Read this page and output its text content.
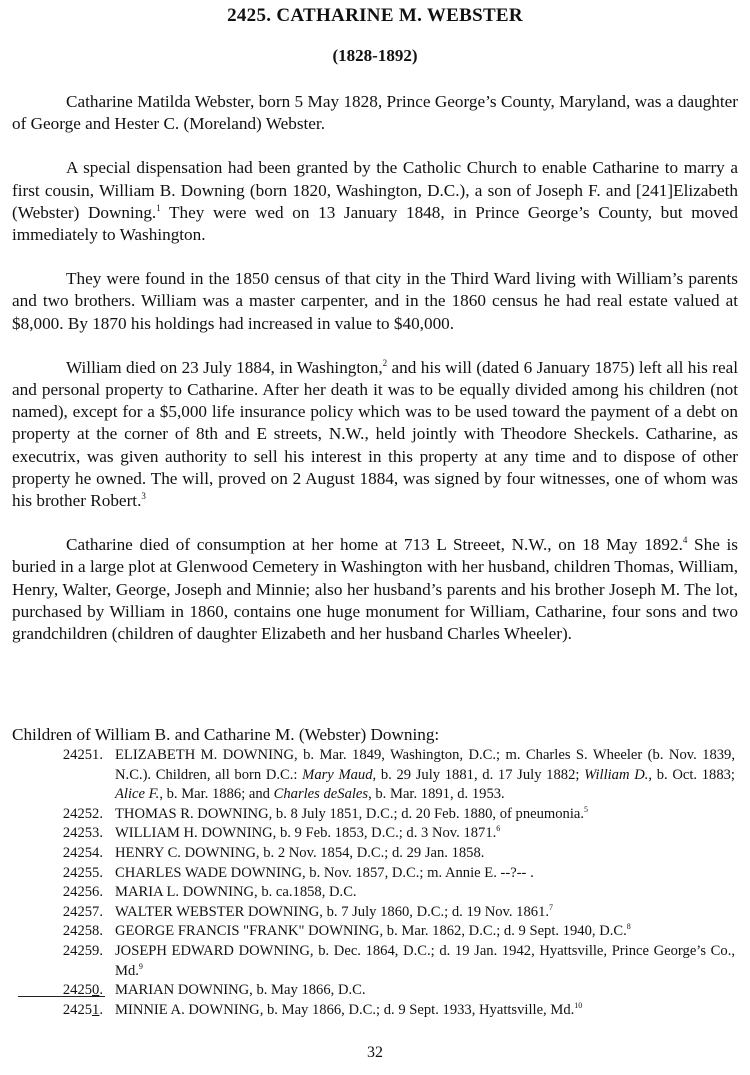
2425. CATHARINE M. WEBSTER
(1828-1892)

Catharine Matilda Webster, born 5 May 1828, Prince George’s County, Maryland, was a daughter of George and Hester C. (Moreland) Webster.

A special dispensation had been granted by the Catholic Church to enable Catharine to marry a first cousin, William B. Downing (born 1820, Washington, D.C.), a son of Joseph F. and [241]Elizabeth (Webster) Downing.$^1$ They were wed on 13 January 1848, in Prince George’s County, but moved immediately to Washington.

They were found in the 1850 census of that city in the Third Ward living with William’s parents and two brothers. William was a master carpenter, and in the 1860 census he had real estate valued at $8,000. By 1870 his holdings had increased in value to $40,000.

William died on 23 July 1884, in Washington,$^2$ and his will (dated 6 January 1875) left all his real and personal property to Catharine. After her death it was to be equally divided among his children (not named), except for a $5,000 life insurance policy which was to be used toward the payment of a debt on property at the corner of 8th and E streets, N.W., held jointly with Theodore Sheckels. Catharine, as executrix, was given authority to sell his interest in this property at any time and to dispose of other property he owned. The will, proved on 2 August 1884, was signed by four witnesses, one of whom was his brother Robert.$^3$

Catharine died of consumption at her home at 713 L Streeet, N.W., on 18 May 1892.$^4$ She is buried in a large plot at Glenwood Cemetery in Washington with her husband, children Thomas, William, Henry, Walter, George, Joseph and Minnie; also her husband’s parents and his brother Joseph M. The lot, purchased by William in 1860, contains one huge monument for William, Catharine, four sons and two grandchildren (children of daughter Elizabeth and her husband Charles Wheeler).

Children of William B. and Catharine M. (Webster) Downing:
24251. ELIZABETH M. DOWNING, b. Mar. 1849, Washington, D.C.; m. Charles S. Wheeler (b. Nov. 1839, N.C.). Children, all born D.C.: Mary Maud, b. 29 July 1881, d. 17 July 1882; William D., b. Oct. 1883; Alice F., b. Mar. 1886; and Charles deSales, b. Mar. 1891, d. 1953.
24252. THOMAS R. DOWNING, b. 8 July 1851, D.C.; d. 20 Feb. 1880, of pneumonia.$^5$
24253. WILLIAM H. DOWNING, b. 9 Feb. 1853, D.C.; d. 3 Nov. 1871.$^6$
24254. HENRY C. DOWNING, b. 2 Nov. 1854, D.C.; d. 29 Jan. 1858.
24255. CHARLES WADE DOWNING, b. Nov. 1857, D.C.; m. Annie E. --?-- .
24256. MARIA L. DOWNING, b. ca.1858, D.C.
24257. WALTER WEBSTER DOWNING, b. 7 July 1860, D.C.; d. 19 Nov. 1861.$^7$
24258. GEORGE FRANCIS "FRANK" DOWNING, b. Mar. 1862, D.C.; d. 9 Sept. 1940, D.C.$^8$
24259. JOSEPH EDWARD DOWNING, b. Dec. 1864, D.C.; d. 19 Jan. 1942, Hyattsville, Prince George’s Co., Md.$^9$
24250. MARIAN DOWNING, b. May 1866, D.C.
24251. MINNIE A. DOWNING, b. May 1866, D.C.; d. 9 Sept. 1933, Hyattsville, Md.$^{10}$
32
